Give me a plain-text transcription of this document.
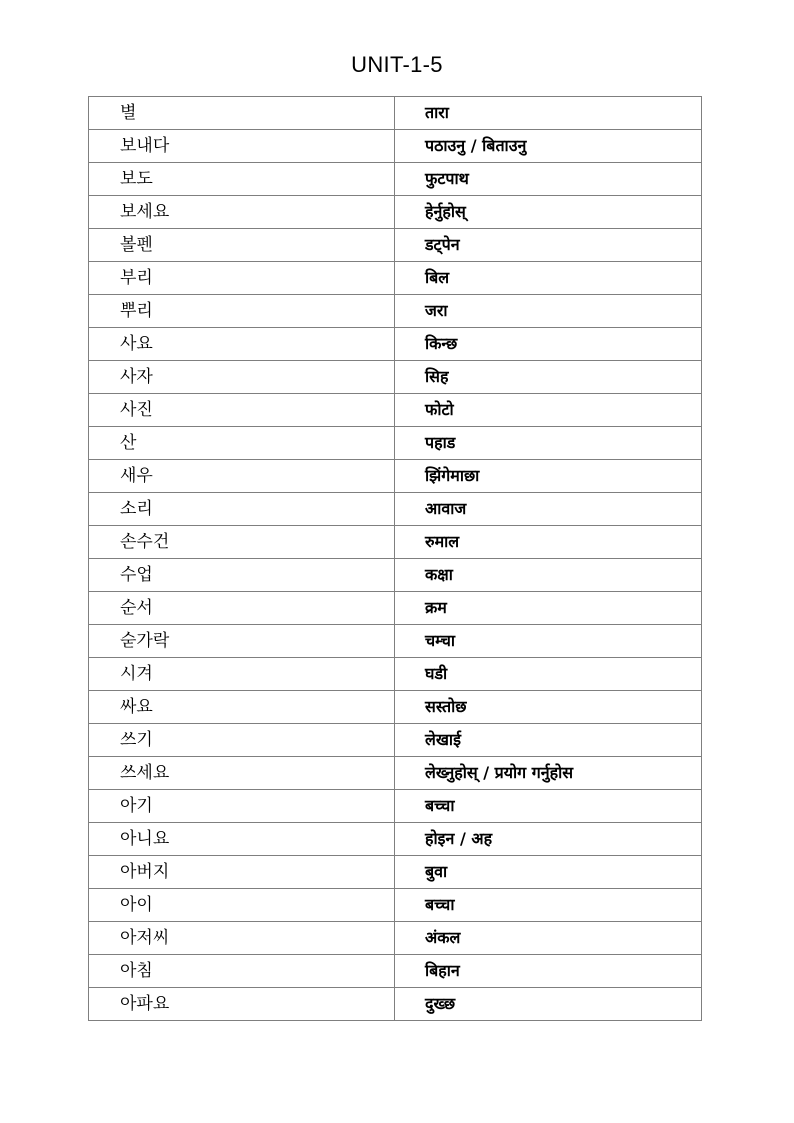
UNIT-1-5
별	तारा
보내다	पठाउनु / बिताउनु
보도	फुटपाथ
보세요	हेर्नुहोस्
볼펜	डट्पेन
부리	बिल
뿌리	जरा
사요	किन्छ
사자	सिह
사진	फोटो
산	पहाड
새우	झिंगेमाछा
소리	आवाज
손수건	रुमाल
수업	कक्षा
순서	क्रम
숟가락	चम्चा
시겨	घडी
싸요	सस्तोछ
쓰기	लेखाई
쓰세요	लेख्नुहोस् / प्रयोग गर्नुहोस
아기	बच्चा
아니요	होइन / अह
아버지	बुवा
아이	बच्चा
아저씨	अंकल
아침	बिहान
아파요	दुख्छ
